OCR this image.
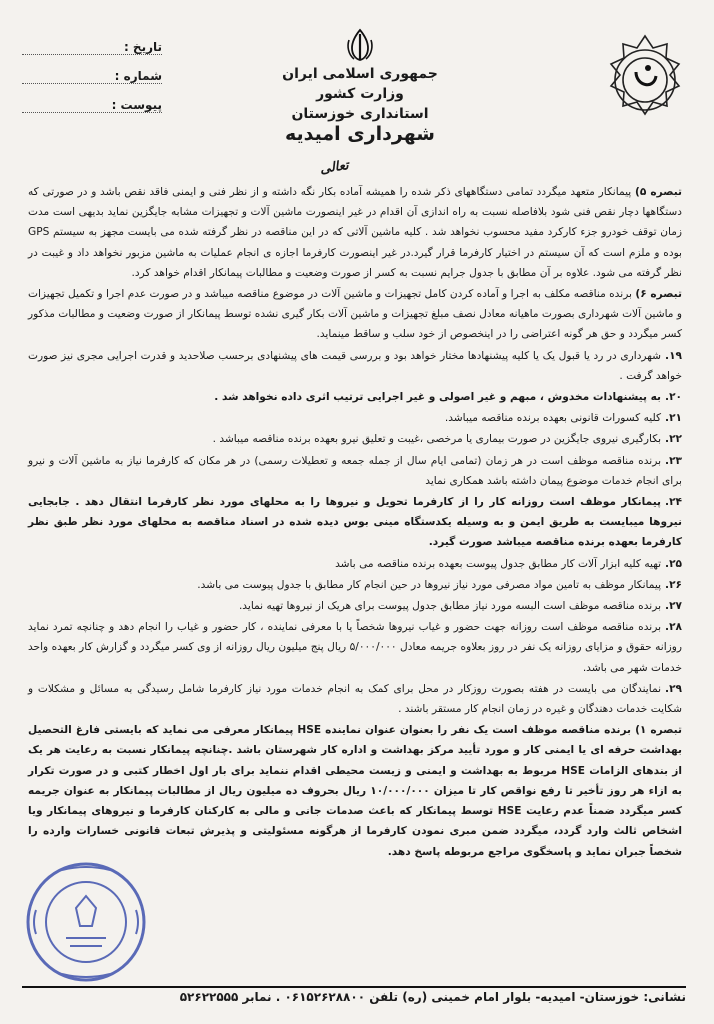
تاریخ :
شماره :
پیوست :
جمهوری اسلامی ایران
وزارت کشور
استانداری خوزستان
شهرداری امیدیه
تعالی

تبصره ۵) پیمانکار متعهد میگردد تمامی دستگاههای ذکر شده را همیشه آماده بکار نگه داشته و از نظر فنی و ایمنی فاقد نقص باشد و در صورتی که دستگاهها دچار نقص فنی شود بلافاصله نسبت به راه اندازی آن اقدام در غیر اینصورت ماشین آلات و تجهیزات مشابه جایگزین نماید بدیهی است مدت زمان توقف خودرو جزء کارکرد مفید محسوب نخواهد شد . کلیه ماشین آلاتی که در این مناقصه در نظر گرفته شده می بایست مجهز به سیستم GPS بوده و ملزم است که آن سیستم در اختیار کارفرما قرار گیرد.در غیر اینصورت کارفرما اجازه ی انجام عملیات به ماشین مزبور نخواهد داد و غیبت در نظر گرفته می شود. علاوه بر آن مطابق با جدول جرایم نسبت به کسر از صورت وضعیت و مطالبات پیمانکار اقدام خواهد کرد.

تبصره ۶) برنده مناقصه مکلف به اجرا و آماده کردن کامل تجهیزات و ماشین آلات در موضوع مناقصه میباشد و در صورت عدم اجرا و تکمیل تجهیزات و ماشین آلات شهرداری بصورت ماهیانه معادل نصف مبلغ تجهیزات و ماشین آلات بکار گیری نشده توسط پیمانکار از صورت وضعیت و مطالبات مذکور کسر میگردد و حق هر گونه اعتراضی را در اینخصوص از خود سلب و ساقط مینماید.

۱۹.شهرداری در رد یا قبول یک یا کلیه پیشنهادها مختار خواهد بود و بررسی قیمت های پیشنهادی برحسب صلاحدید و قدرت اجرایی مجری نیز صورت خواهد گرفت .
۲۰.به پیشنهادات مخدوش ، مبهم و غیر اصولی و غیر اجرایی ترتیب اثری داده نخواهد شد .
۲۱.کلیه کسورات قانونی بعهده برنده مناقصه میباشد.
۲۲.بکارگیری نیروی جایگزین در صورت بیماری یا مرخصی ،غیبت و تعلیق نیرو بعهده برنده مناقصه میباشد .
۲۳.برنده مناقصه موظف است در هر زمان (تمامی ایام سال از جمله جمعه و تعطیلات رسمی) در هر مکان که کارفرما نیاز به ماشین آلات و نیرو برای انجام خدمات موضوع پیمان داشته باشد همکاری نماید
۲۴.پیمانکار موظف است روزانه کار را از کارفرما تحویل و نیروها را به محلهای مورد نظر کارفرما انتقال دهد . جابجایی نیروها میبایست به طریق ایمن و به وسیله یکدستگاه مینی بوس دیده شده در اسناد مناقصه به محلهای مورد نظر طبق نظر کارفرما بعهده برنده مناقصه میباشد صورت گیرد.
۲۵.تهیه کلیه ابزار آلات کار مطابق جدول پیوست بعهده برنده مناقصه می باشد
۲۶.پیمانکار موظف به تامین مواد مصرفی مورد نیاز نیروها در حین انجام کار مطابق با جدول پیوست می باشد.
۲۷.برنده مناقصه موظف است البسه مورد نیاز مطابق جدول پیوست برای هریک از نیروها تهیه نماید.
۲۸.برنده مناقصه موظف است روزانه جهت حضور و غیاب نیروها شخصاً یا با معرفی نماینده ، کار حضور و غیاب را انجام دهد و چنانچه تمرد نماید روزانه حقوق و مزایای روزانه یک نفر در روز بعلاوه جریمه معادل ۵/۰۰۰/۰۰۰ ریال پنج میلیون ریال روزانه از وی کسر میگردد و گزارش کار بعهده واحد خدمات شهر می باشد.
۲۹.نمایندگان می بایست در هفته بصورت روزکار در محل برای کمک به انجام خدمات مورد نیاز کارفرما شامل رسیدگی به مسائل و مشکلات و شکایت خدمات دهندگان و غیره در زمان انجام کار مستقر باشند .

تبصره ۱) برنده مناقصه موظف است یک نفر را بعنوان عنوان نماینده HSE پیمانکار معرفی می نماید که بایستی فارغ التحصیل بهداشت حرفه ای یا ایمنی کار و مورد تأیید مرکز بهداشت و اداره کار شهرستان باشد .چنانچه پیمانکار نسبت به رعایت هر یک از بندهای الزامات HSE مربوط به بهداشت و ایمنی و زیست محیطی اقدام ننماید برای بار اول اخطار کتبی و در صورت تکرار به ازاء هر روز تأخیر تا رفع نواقص کار تا میزان ۱۰/۰۰۰/۰۰۰ ریال بحروف ده میلیون ریال از مطالبات پیمانکار به عنوان جریمه کسر میگردد ضمناً عدم رعایت HSE توسط پیمانکار که باعث صدمات جانی و مالی به کارکنان کارفرما و نیروهای پیمانکار ویا اشخاص ثالث وارد گردد، میگردد ضمن مبری نمودن کارفرما از هرگونه مسئولیتی و پذیرش تبعات قانونی خسارات وارده را شخصاً جبران نماید و پاسخگوی مراجع مربوطه پاسخ دهد.

نشانی: خوزستان- امیدیه- بلوار امام خمینی (ره) تلفن ۰۶۱۵۲۶۲۸۸۰۰ . نمابر ۵۲۶۲۲۵۵۵
